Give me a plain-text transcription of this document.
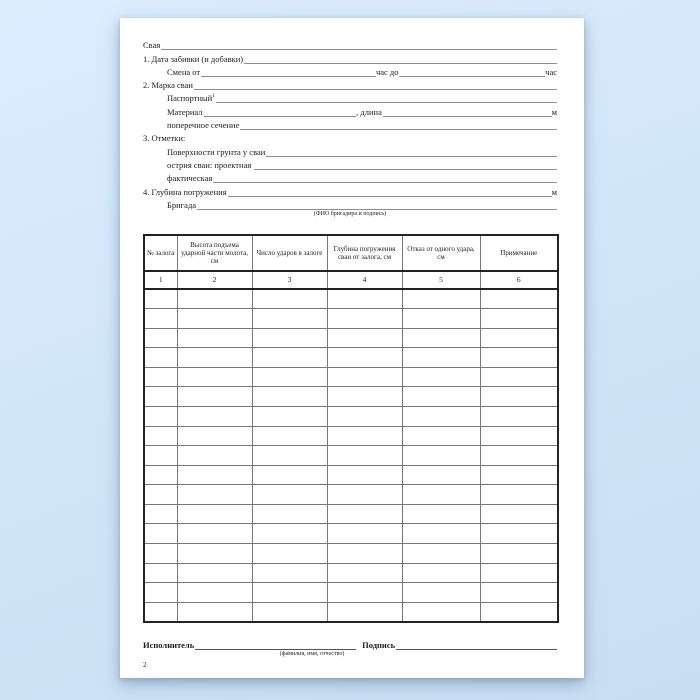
Свая
1. Дата забивки (и добавки)
Смена от	час до	час
2. Марка сваи
Паспортный$^1$
Материал	, длина	м
поперечное сечение
3. Отметки:
Поверхности грунта у сваи
острия сваи: проектная
фактическая
4. Глубина погружения	м
Бригада
(ФИО бригадира и подпись)
№ залога	Высота подъема ударной части молота, см	Число ударов в залоге	Глубина погружения сваи от залога, см	Отказ от одного удара, см	Примечание
1	2	3	4	5	6

Исполнитель	Подпись
(фамилия, имя, отчество)
2
